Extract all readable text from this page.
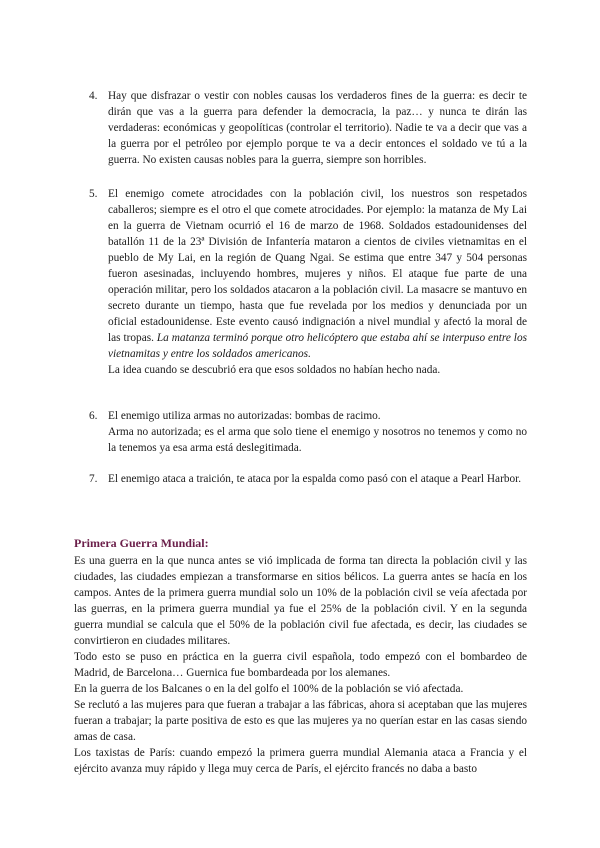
4. Hay que disfrazar o vestir con nobles causas los verdaderos fines de la guerra: es decir te dirán que vas a la guerra para defender la democracia, la paz… y nunca te dirán las verdaderas: económicas y geopolíticas (controlar el territorio). Nadie te va a decir que vas a la guerra por el petróleo por ejemplo porque te va a decir entonces el soldado ve tú a la guerra. No existen causas nobles para la guerra, siempre son horribles.

5. El enemigo comete atrocidades con la población civil, los nuestros son respetados caballeros; siempre es el otro el que comete atrocidades. Por ejemplo: la matanza de My Lai en la guerra de Vietnam ocurrió el 16 de marzo de 1968. Soldados estadounidenses del batallón 11 de la 23ª División de Infantería mataron a cientos de civiles vietnamitas en el pueblo de My Lai, en la región de Quang Ngai. Se estima que entre 347 y 504 personas fueron asesinadas, incluyendo hombres, mujeres y niños. El ataque fue parte de una operación militar, pero los soldados atacaron a la población civil. La masacre se mantuvo en secreto durante un tiempo, hasta que fue revelada por los medios y denunciada por un oficial estadounidense. Este evento causó indignación a nivel mundial y afectó la moral de las tropas. La matanza terminó porque otro helicóptero que estaba ahí se interpuso entre los vietnamitas y entre los soldados americanos.

La idea cuando se descubrió era que esos soldados no habían hecho nada.

6. El enemigo utiliza armas no autorizadas: bombas de racimo.

Arma no autorizada; es el arma que solo tiene el enemigo y nosotros no tenemos y como no la tenemos ya esa arma está deslegitimada.

7. El enemigo ataca a traición, te ataca por la espalda como pasó con el ataque a Pearl Harbor.

Primera Guerra Mundial:

Es una guerra en la que nunca antes se vió implicada de forma tan directa la población civil y las ciudades, las ciudades empiezan a transformarse en sitios bélicos. La guerra antes se hacía en los campos. Antes de la primera guerra mundial solo un 10% de la población civil se veía afectada por las guerras, en la primera guerra mundial ya fue el 25% de la población civil. Y en la segunda guerra mundial se calcula que el 50% de la población civil fue afectada, es decir, las ciudades se convirtieron en ciudades militares.

Todo esto se puso en práctica en la guerra civil española, todo empezó con el bombardeo de Madrid, de Barcelona… Guernica fue bombardeada por los alemanes.

En la guerra de los Balcanes o en la del golfo el 100% de la población se vió afectada.

Se reclutó a las mujeres para que fueran a trabajar a las fábricas, ahora si aceptaban que las mujeres fueran a trabajar; la parte positiva de esto es que las mujeres ya no querían estar en las casas siendo amas de casa.

Los taxistas de París: cuando empezó la primera guerra mundial Alemania ataca a Francia y el ejército avanza muy rápido y llega muy cerca de París, el ejército francés no daba a basto
